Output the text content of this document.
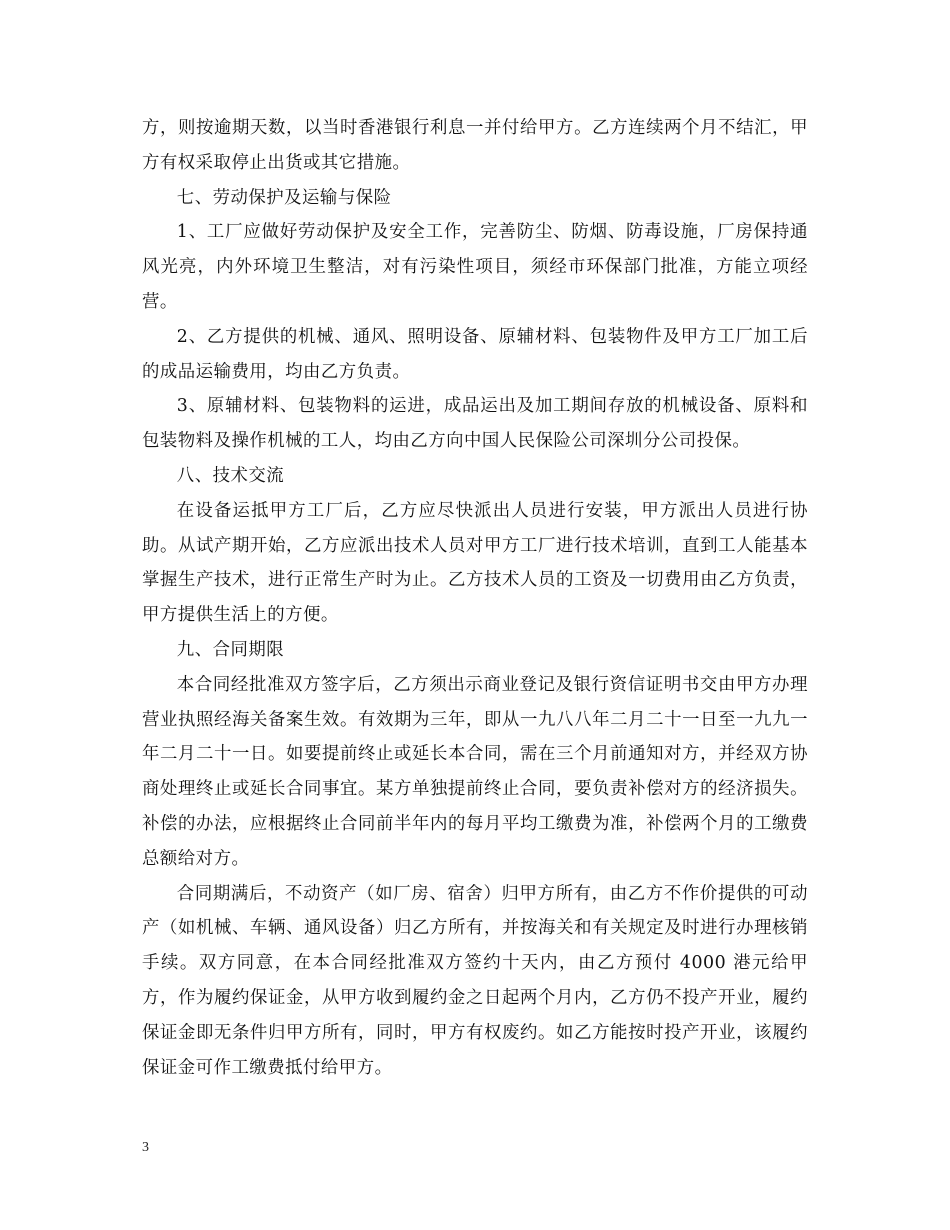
方，则按逾期天数，以当时香港银行利息一并付给甲方。乙方连续两个月不结汇，甲方有权采取停止出货或其它措施。

七、劳动保护及运输与保险

1、工厂应做好劳动保护及安全工作，完善防尘、防烟、防毒设施，厂房保持通风光亮，内外环境卫生整洁，对有污染性项目，须经市环保部门批准，方能立项经营。

2、乙方提供的机械、通风、照明设备、原辅材料、包装物件及甲方工厂加工后的成品运输费用，均由乙方负责。

3、原辅材料、包装物料的运进，成品运出及加工期间存放的机械设备、原料和包装物料及操作机械的工人，均由乙方向中国人民保险公司深圳分公司投保。

八、技术交流

在设备运抵甲方工厂后，乙方应尽快派出人员进行安装，甲方派出人员进行协助。从试产期开始，乙方应派出技术人员对甲方工厂进行技术培训，直到工人能基本掌握生产技术，进行正常生产时为止。乙方技术人员的工资及一切费用由乙方负责，甲方提供生活上的方便。

九、合同期限

本合同经批准双方签字后，乙方须出示商业登记及银行资信证明书交由甲方办理营业执照经海关备案生效。有效期为三年，即从一九八八年二月二十一日至一九九一年二月二十一日。如要提前终止或延长本合同，需在三个月前通知对方，并经双方协商处理终止或延长合同事宜。某方单独提前终止合同，要负责补偿对方的经济损失。补偿的办法，应根据终止合同前半年内的每月平均工缴费为准，补偿两个月的工缴费总额给对方。

合同期满后，不动资产（如厂房、宿舍）归甲方所有，由乙方不作价提供的可动产（如机械、车辆、通风设备）归乙方所有，并按海关和有关规定及时进行办理核销手续。双方同意，在本合同经批准双方签约十天内，由乙方预付 4000 港元给甲方，作为履约保证金，从甲方收到履约金之日起两个月内，乙方仍不投产开业，履约保证金即无条件归甲方所有，同时，甲方有权废约。如乙方能按时投产开业，该履约保证金可作工缴费抵付给甲方。

3
